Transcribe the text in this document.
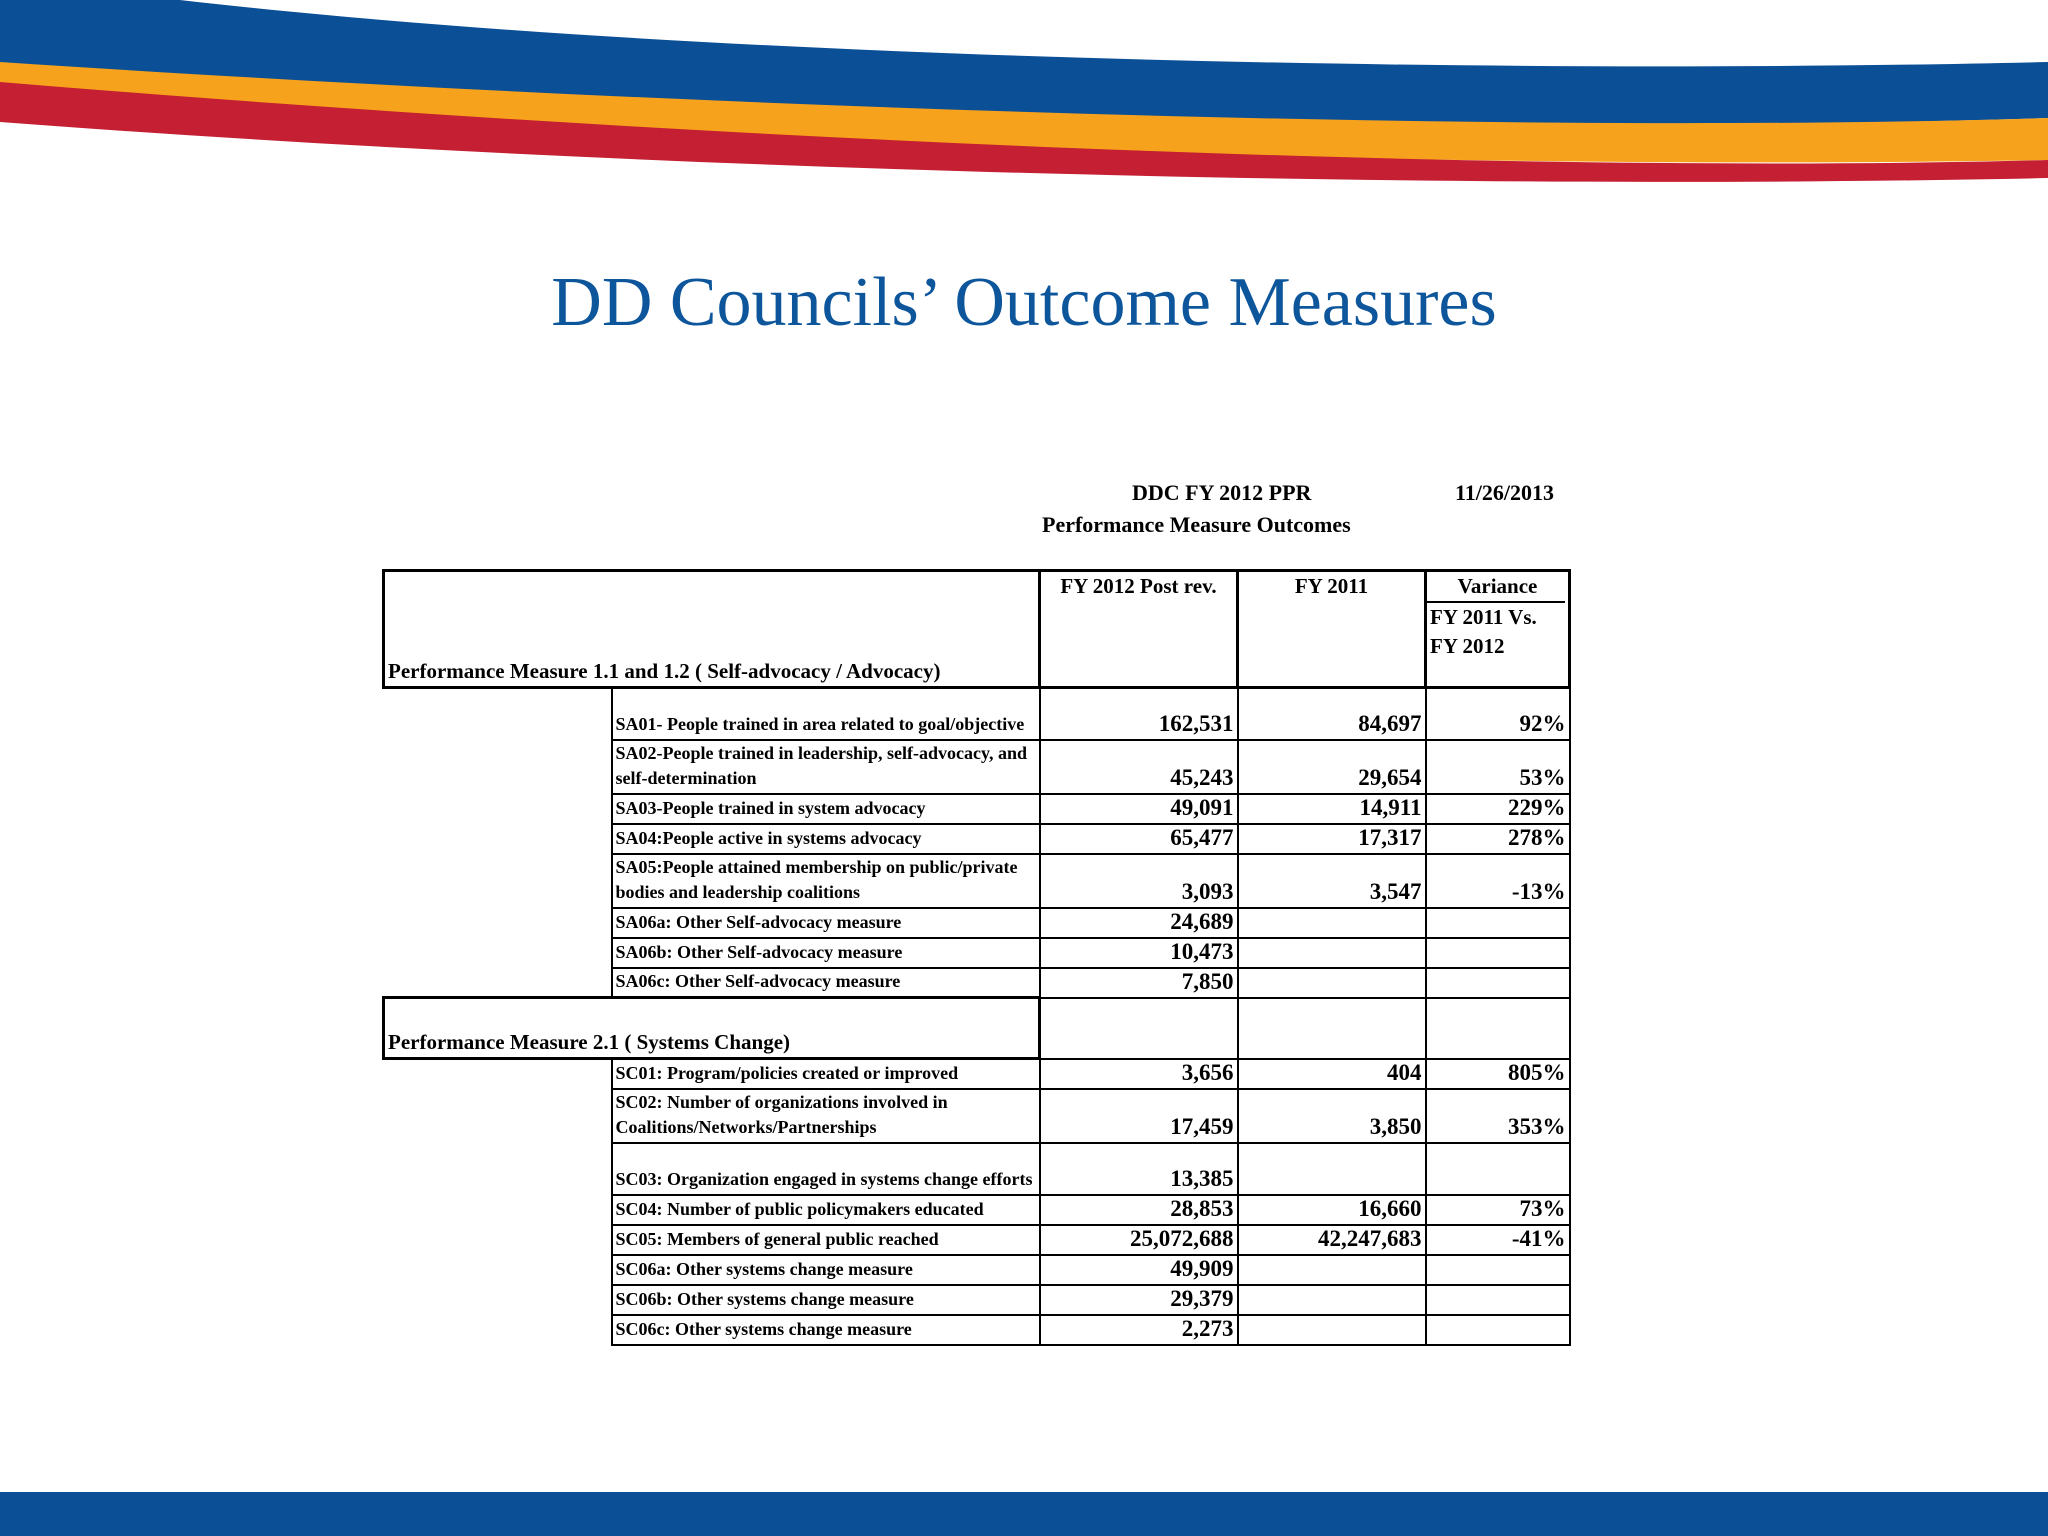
DD Councils’ Outcome Measures
DDC FY 2012 PPR	11/26/2013
Performance Measure Outcomes
Performance Measure 1.1 and 1.2 ( Self-advocacy / Advocacy)		FY 2012 Post rev.	FY 2011	Variance
FY 2011 Vs.
FY 2012

	SA01- People trained in area related to goal/objective	162,531	84,697	92%
	SA02-People trained in leadership, self-advocacy, and self-determination	45,243	29,654	53%
	SA03-People trained in system advocacy	49,091	14,911	229%
	SA04:People active in systems advocacy	65,477	17,317	278%
	SA05:People attained membership on public/private bodies and leadership coalitions	3,093	3,547	-13%
	SA06a: Other Self-advocacy measure	24,689		
	SA06b: Other Self-advocacy measure	10,473		
	SA06c: Other Self-advocacy measure	7,850		
Performance Measure 2.1 ( Systems Change)				
	SC01: Program/policies created or improved	3,656	404	805%
	SC02: Number of organizations involved in Coalitions/Networks/Partnerships	17,459	3,850	353%
	SC03: Organization engaged in systems change efforts	13,385		
	SC04: Number of public policymakers educated	28,853	16,660	73%
	SC05: Members of general public reached	25,072,688	42,247,683	-41%
	SC06a: Other systems change measure	49,909		
	SC06b: Other systems change measure	29,379		
	SC06c: Other systems change measure	2,273		
